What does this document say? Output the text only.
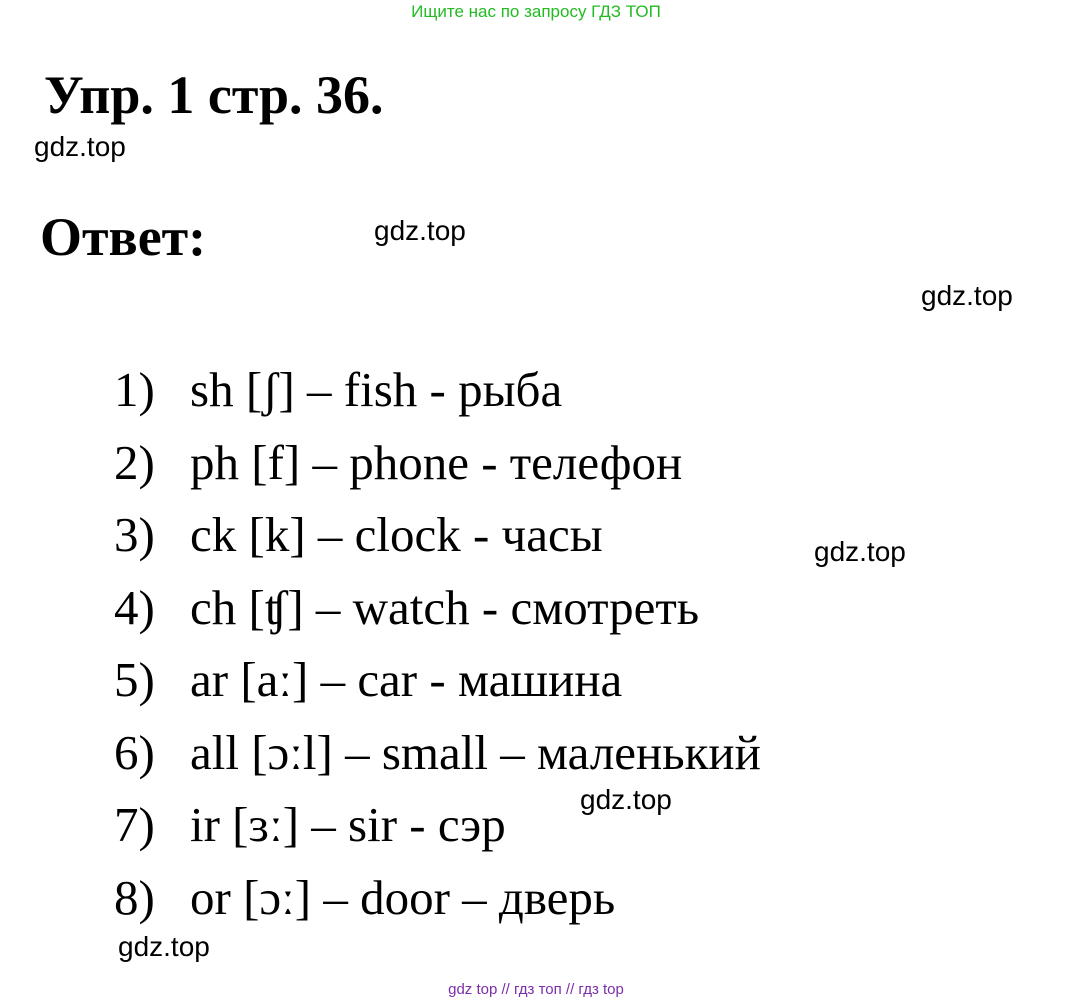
Ищите нас по запросу ГДЗ ТОП
Упр. 1 стр. 36.
gdz.top
Ответ:	gdz.top
gdz.top
1) sh [ʃ] – fish - рыба
2) ph [f] – phone - телефон
3) ck [k] – clock - часы
4) ch [ʧ] – watch - смотреть
5) ar [aː] – car - машина
6) all [ɔːl] – small – маленький
7) ir [ɜː] – sir - сэр
8) or [ɔː] – door – дверь
gdz.top
gdz.top
gdz.top
gdz top // гдз топ // гдз top
